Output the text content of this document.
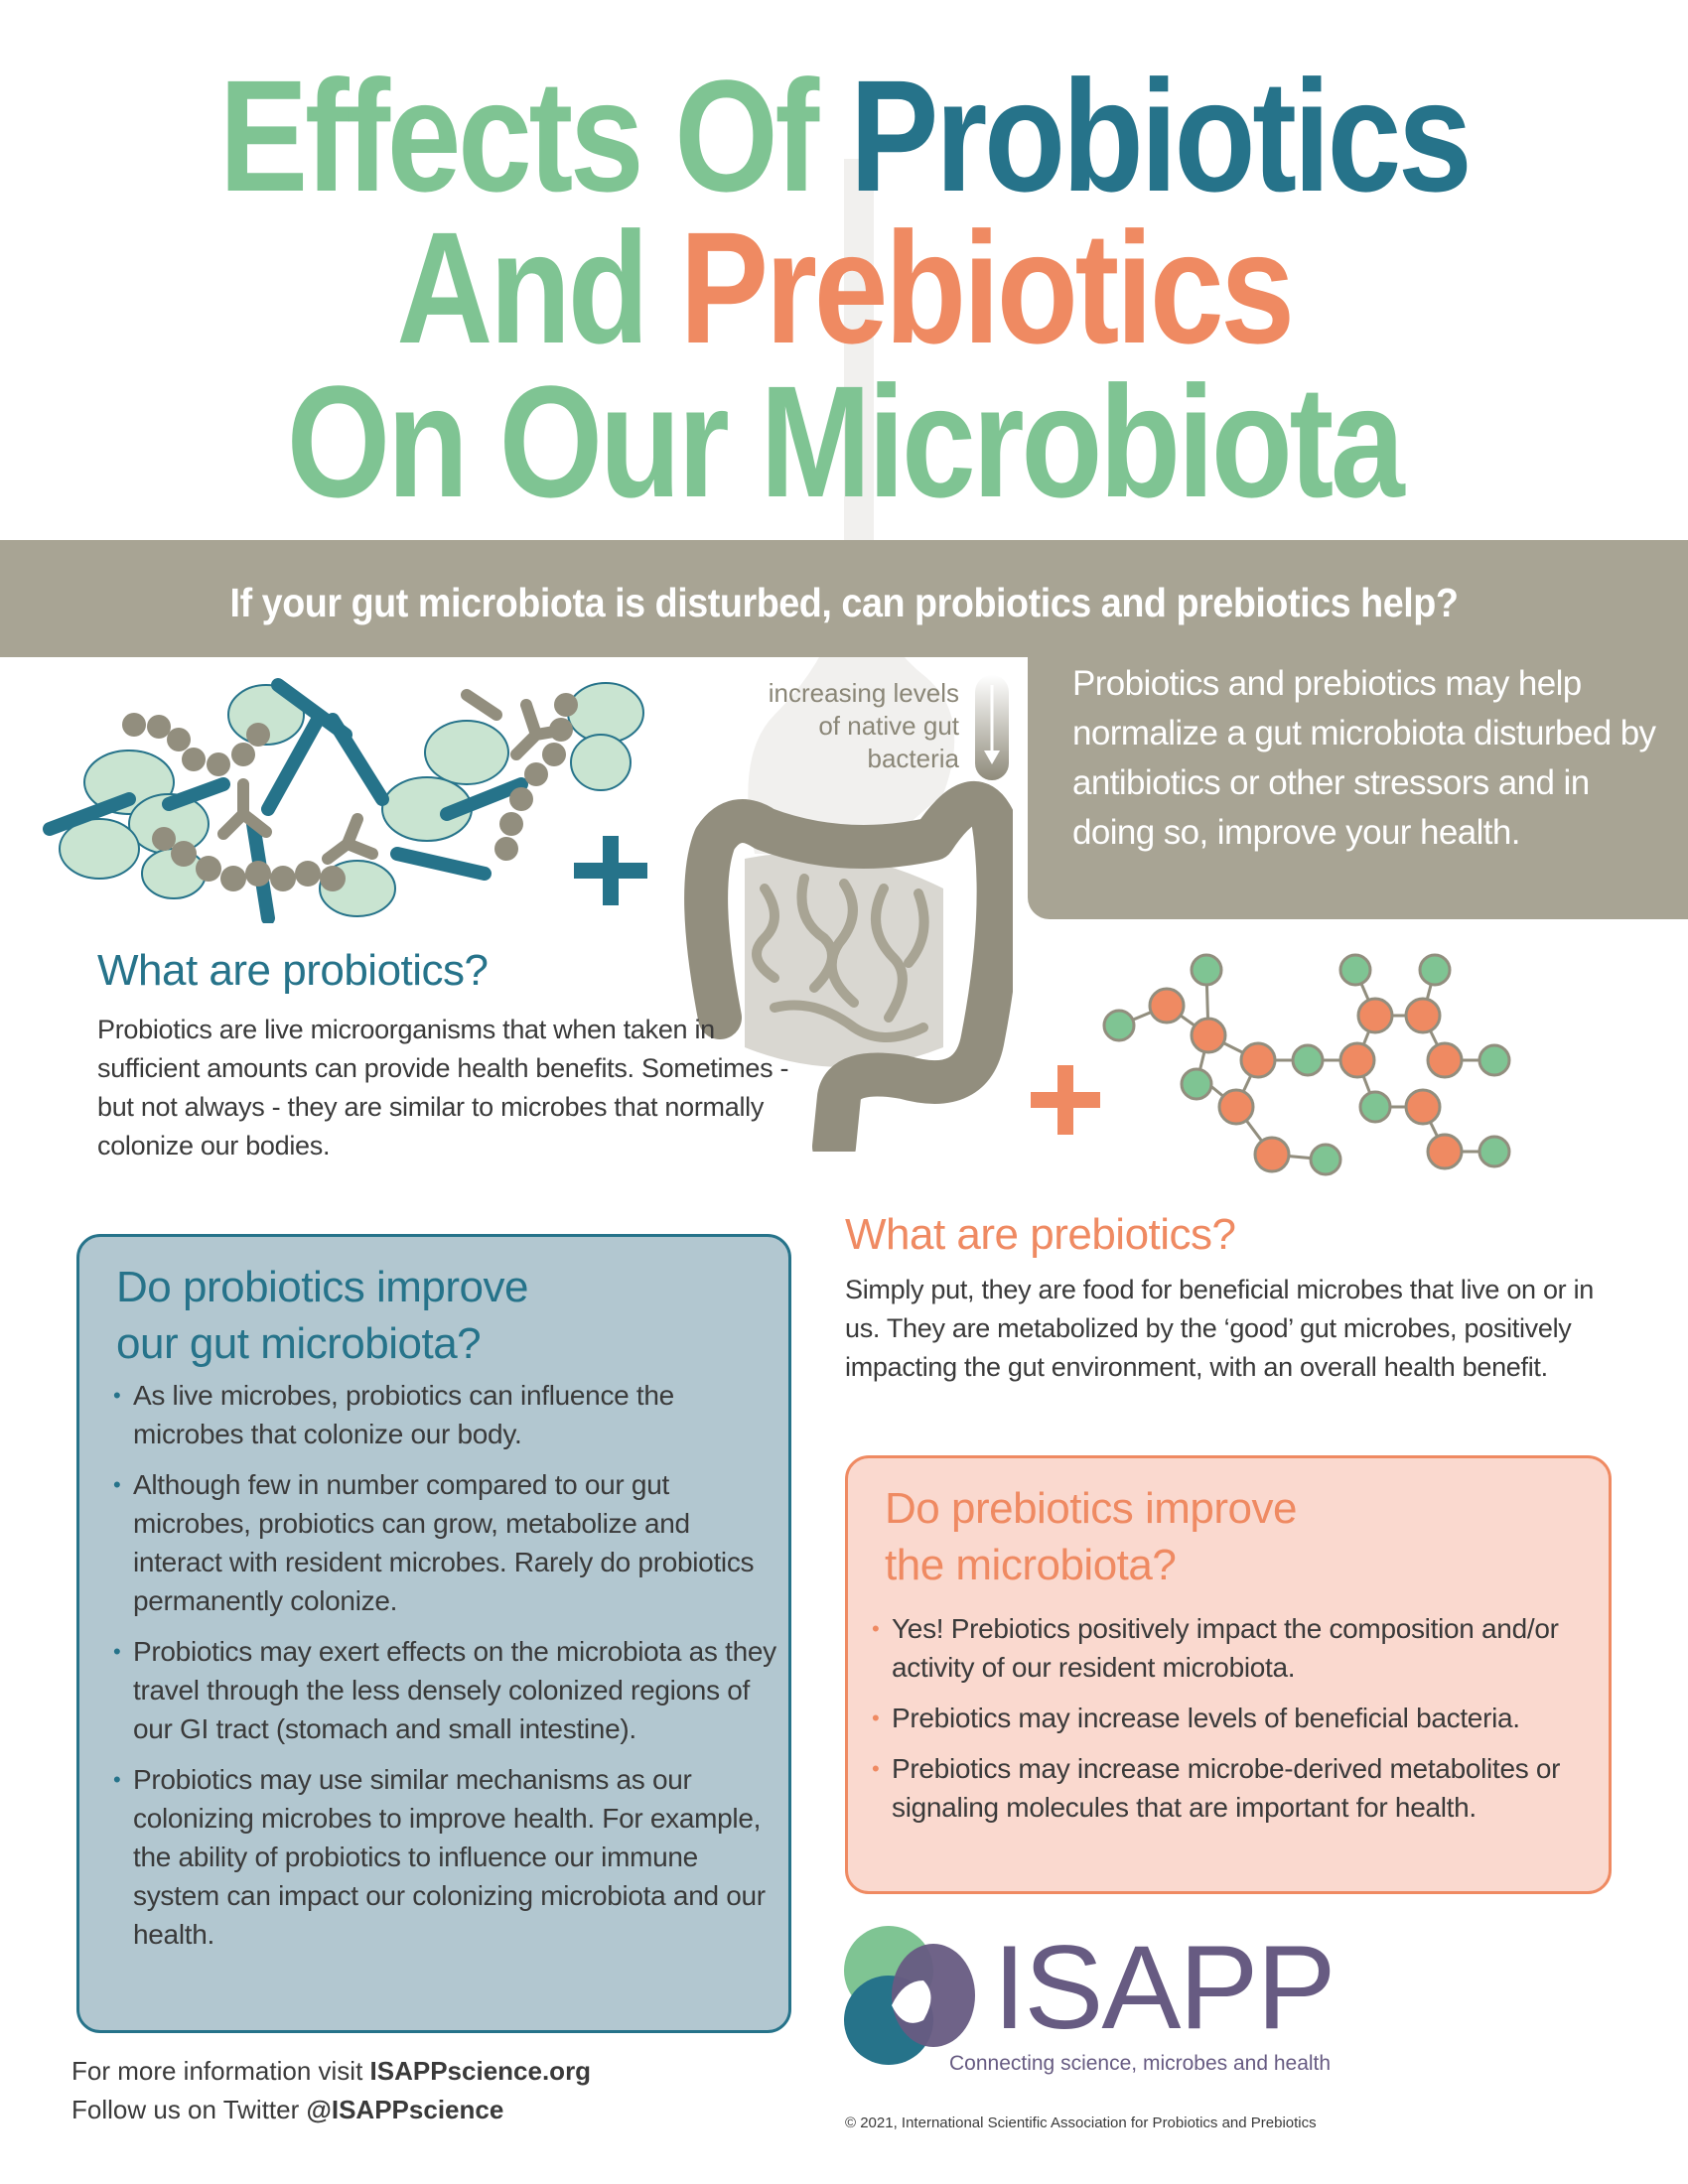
Effects Of Probiotics
And Prebiotics
On Our Microbiota
If your gut microbiota is disturbed, can probiotics and prebiotics help?

Probiotics and prebiotics may help normalize a gut microbiota disturbed by antibiotics or other stressors and in doing so, improve your health.

increasing levels
of native gut
bacteria
What are probiotics?

Probiotics are live microorganisms that when taken in sufficient amounts can provide health benefits. Sometimes - but not always - they are similar to microbes that normally colonize our bodies.

What are prebiotics?

Simply put, they are food for beneficial microbes that live on or in us. They are metabolized by the ‘good’ gut microbes, positively impacting the gut environment, with an overall health benefit.

Do probiotics improve
our gut microbiota?
• As live microbes, probiotics can influence the microbes that colonize our body.
• Although few in number compared to our gut microbes, probiotics can grow, metabolize and interact with resident microbes. Rarely do probiotics permanently colonize.
• Probiotics may exert effects on the microbiota as they travel through the less densely colonized regions of our GI tract (stomach and small intestine).
• Probiotics may use similar mechanisms as our colonizing microbes to improve health. For example, the ability of probiotics to influence our immune system can impact our colonizing microbiota and our health.
Do prebiotics improve
the microbiota?
• Yes! Prebiotics positively impact the composition and/or activity of our resident microbiota.
• Prebiotics may increase levels of beneficial bacteria.
• Prebiotics may increase microbe-derived metabolites or signaling molecules that are important for health.
ISAPP
Connecting science, microbes and health
For more information visit ISAPPscience.org
Follow us on Twitter @ISAPPscience	© 2021, International Scientific Association for Probiotics and Prebiotics
